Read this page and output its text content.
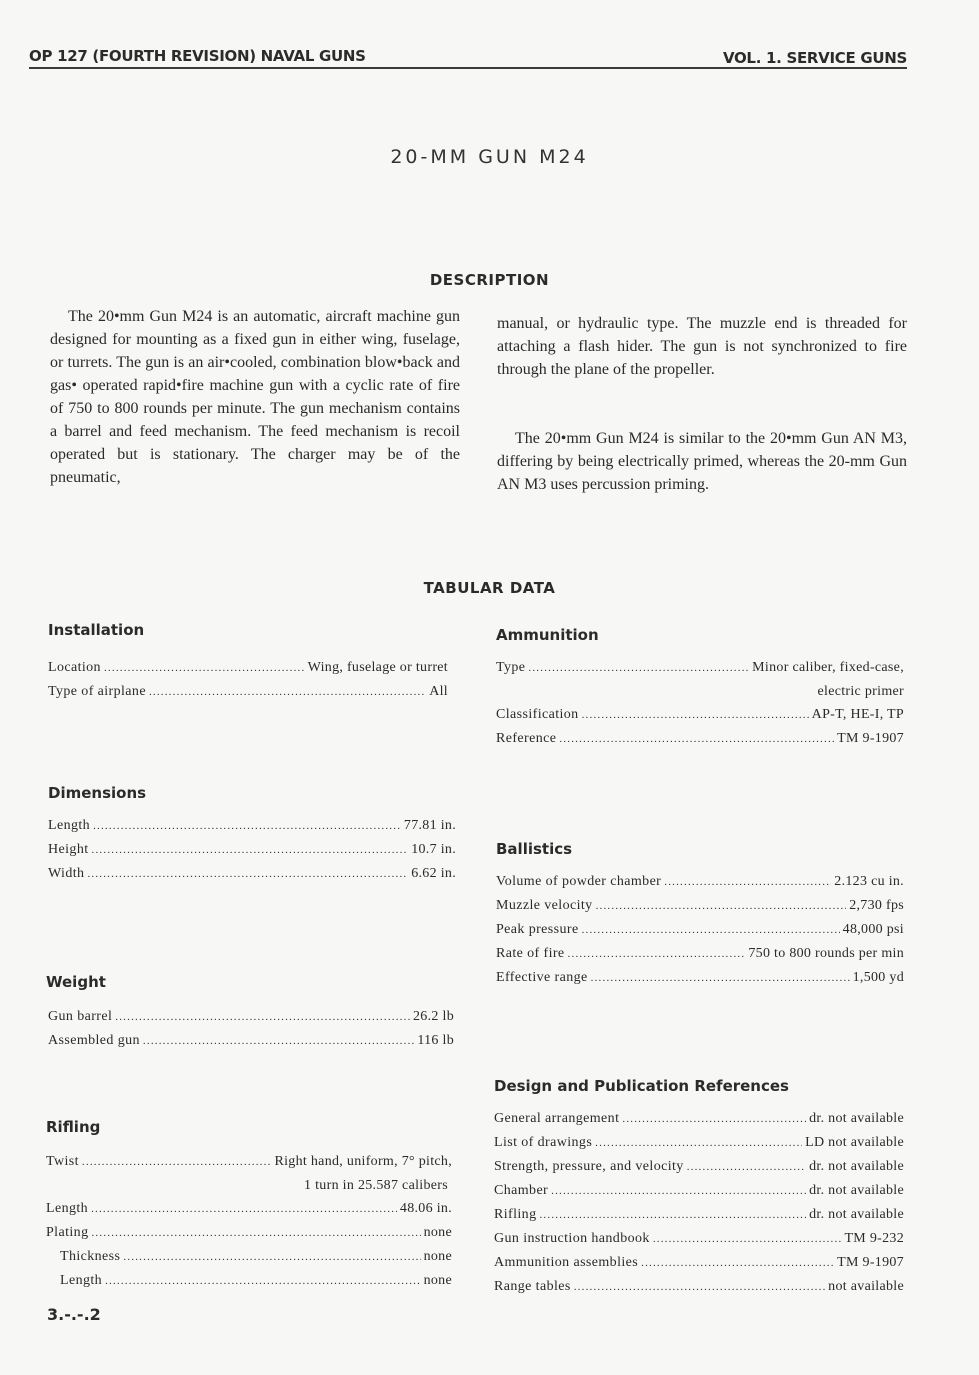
OP 127 (FOURTH REVISION) NAVAL GUNS	VOL. 1. SERVICE GUNS
20-MM GUN M24
DESCRIPTION
The 20•mm Gun M24 is an automatic, aircraft machine gun designed for mounting as a fixed gun in either wing, fuselage, or turrets. The gun is an air•cooled, combination blow•back and gas• operated rapid•fire machine gun with a cyclic rate of fire of 750 to 800 rounds per minute. The gun mechanism contains a barrel and feed mechanism. The feed mechanism is recoil operated but is stationary. The charger may be of the pneumatic,
manual, or hydraulic type. The muzzle end is threaded for attaching a flash hider. The gun is not synchronized to fire through the plane of the propeller.
The 20•mm Gun M24 is similar to the 20•mm Gun AN M3, differing by being electrically primed, whereas the 20-mm Gun AN M3 uses percussion priming.
TABULAR DATA
Installation
Location .....	Wing, fuselage or turret
Type of airplane .....	All
Dimensions
Length .....	77.81 in.
Height .....	10.7 in.
Width .....	6.62 in.
Weight
Gun barrel .....	26.2 lb
Assembled gun .....	116 lb
Rifling
Twist .....	Right hand, uniform, 7° pitch,
1 turn in 25.587 calibers
Length .....	48.06 in.
Plating .....	none
Thickness .....	none
Length .....	none
Ammunition
Type .....	Minor caliber, fixed-case,
electric primer
Classification .....	AP-T, HE-I, TP
Reference .....	TM 9-1907
Ballistics
Volume of powder chamber .....	2.123 cu in.
Muzzle velocity .....	2,730 fps
Peak pressure .....	48,000 psi
Rate of fire .....	750 to 800 rounds per min
Effective range .....	1,500 yd
Design and Publication References
General arrangement .....	dr. not available
List of drawings .....	LD not available
Strength, pressure, and velocity .....	dr. not available
Chamber .....	dr. not available
Rifling .....	dr. not available
Gun instruction handbook .....	TM 9-232
Ammunition assemblies .....	TM 9-1907
Range tables .....	not available
3.-.-.2
